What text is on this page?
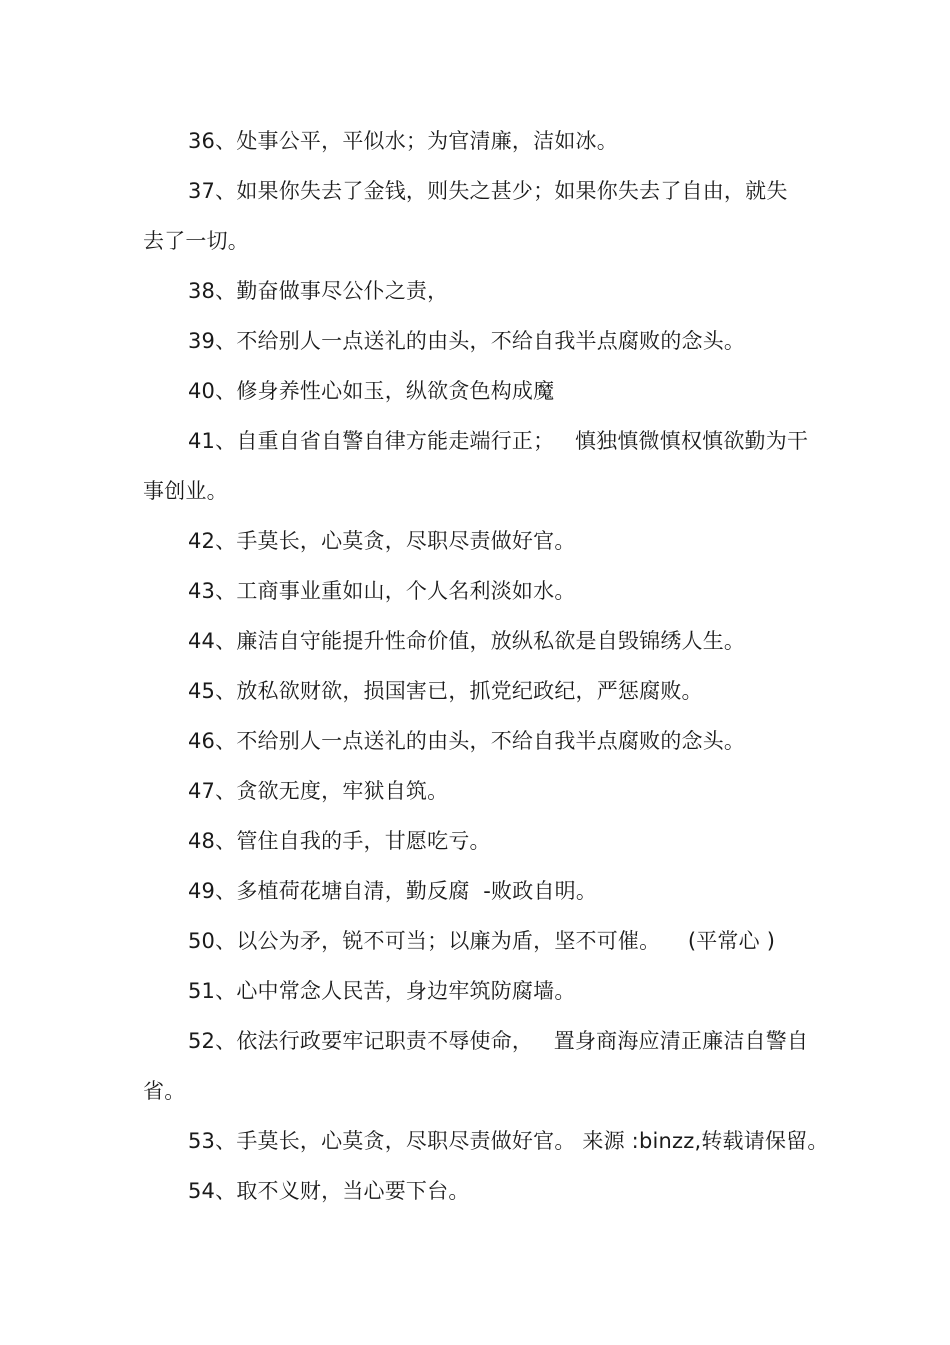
36、处事公平，平似水；为官清廉，洁如冰。
37、如果你失去了金钱，则失之甚少；如果你失去了自由，就失
去了一切。
38、勤奋做事尽公仆之责，
39、不给别人一点送礼的由头，不给自我半点腐败的念头。
40、修身养性心如玉，纵欲贪色构成魔
41、自重自省自警自律方能走端行正；   慎独慎微慎权慎欲勤为干
事创业。
42、手莫长，心莫贪，尽职尽责做好官。
43、工商事业重如山，个人名利淡如水。
44、廉洁自守能提升性命价值，放纵私欲是自毁锦绣人生。
45、放私欲财欲，损国害已，抓党纪政纪，严惩腐败。
46、不给别人一点送礼的由头，不给自我半点腐败的念头。
47、贪欲无度，牢狱自筑。
48、管住自我的手，甘愿吃亏。
49、多植荷花塘自清，勤反腐  -败政自明。
50、以公为矛，锐不可当；以廉为盾，坚不可催。    (平常心 )
51、心中常念人民苦，身边牢筑防腐墙。
52、依法行政要牢记职责不辱使命，   置身商海应清正廉洁自警自
省。
53、手莫长，心莫贪，尽职尽责做好官。 来源 :binzz,转载请保留。
54、取不义财，当心要下台。
